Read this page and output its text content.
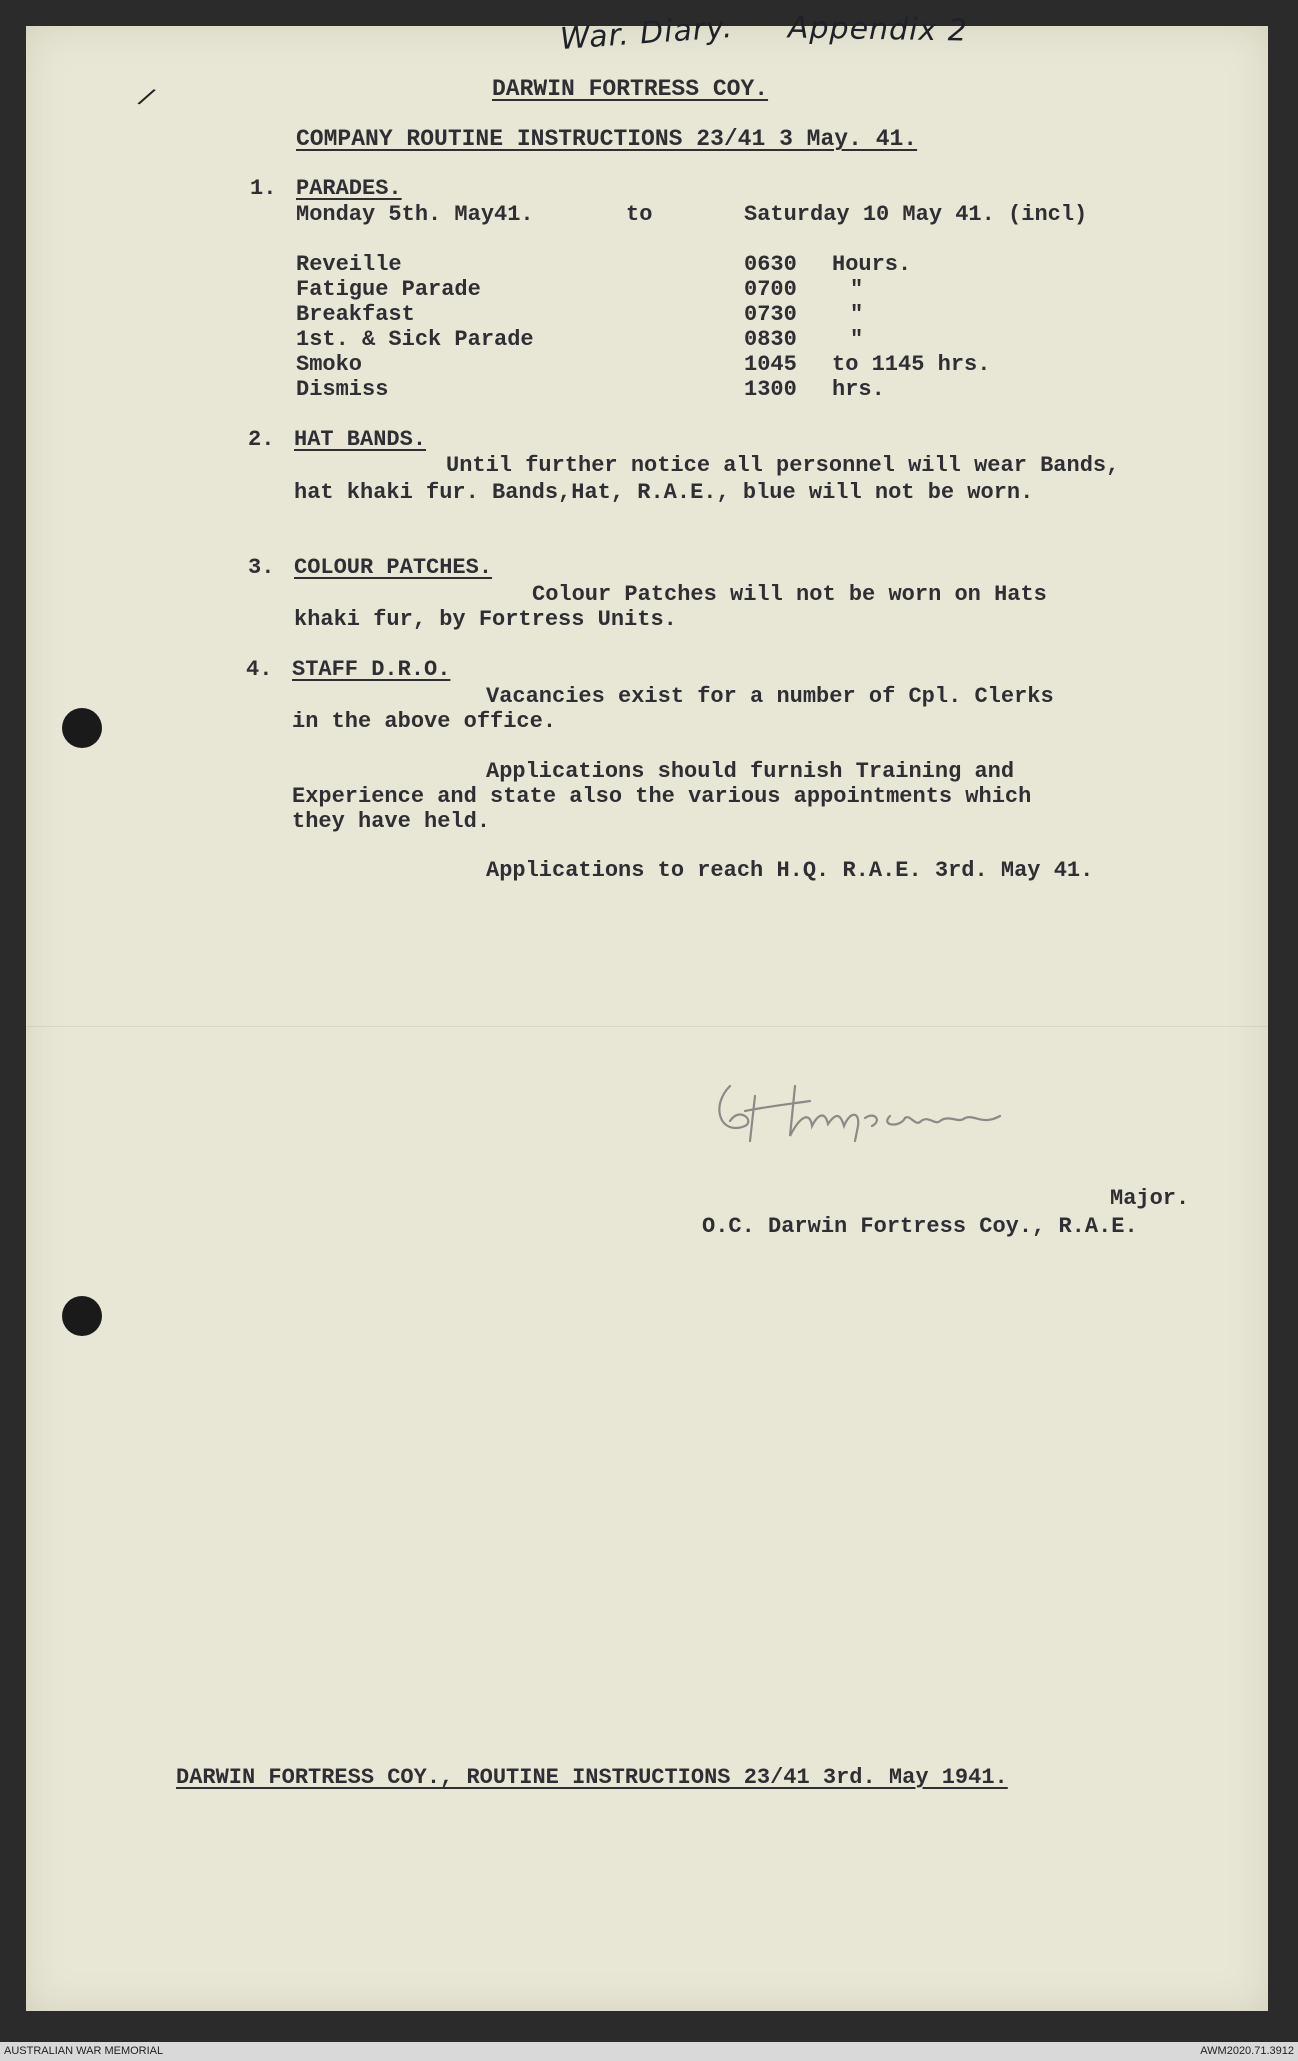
/
War. Diary. Appendix 2
DARWIN FORTRESS COY.
COMPANY ROUTINE INSTRUCTIONS 23/41 3 May. 41.
1. PARADES.
Monday 5th. May41.	to	Saturday 10 May 41. (incl)
Reveille	0630 Hours.
Fatigue Parade	0700 "
Breakfast	0730 "
1st. & Sick Parade	0830 "
Smoko	1045 to 1145 hrs.
Dismiss	1300 hrs.
2. HAT BANDS.
Until further notice all personnel will wear Bands,
hat khaki fur. Bands,Hat, R.A.E., blue will not be worn.
3. COLOUR PATCHES.
Colour Patches will not be worn on Hats
khaki fur, by Fortress Units.
4. STAFF D.R.O.
Vacancies exist for a number of Cpl. Clerks
in the above office.
Applications should furnish Training and
Experience and state also the various appointments which
they have held.
Applications to reach H.Q. R.A.E. 3rd. May 41.
Major.
O.C. Darwin Fortress Coy., R.A.E.
DARWIN FORTRESS COY., ROUTINE INSTRUCTIONS 23/41 3rd. May 1941.
AUSTRALIAN WAR MEMORIAL	AWM2020.71.3912
